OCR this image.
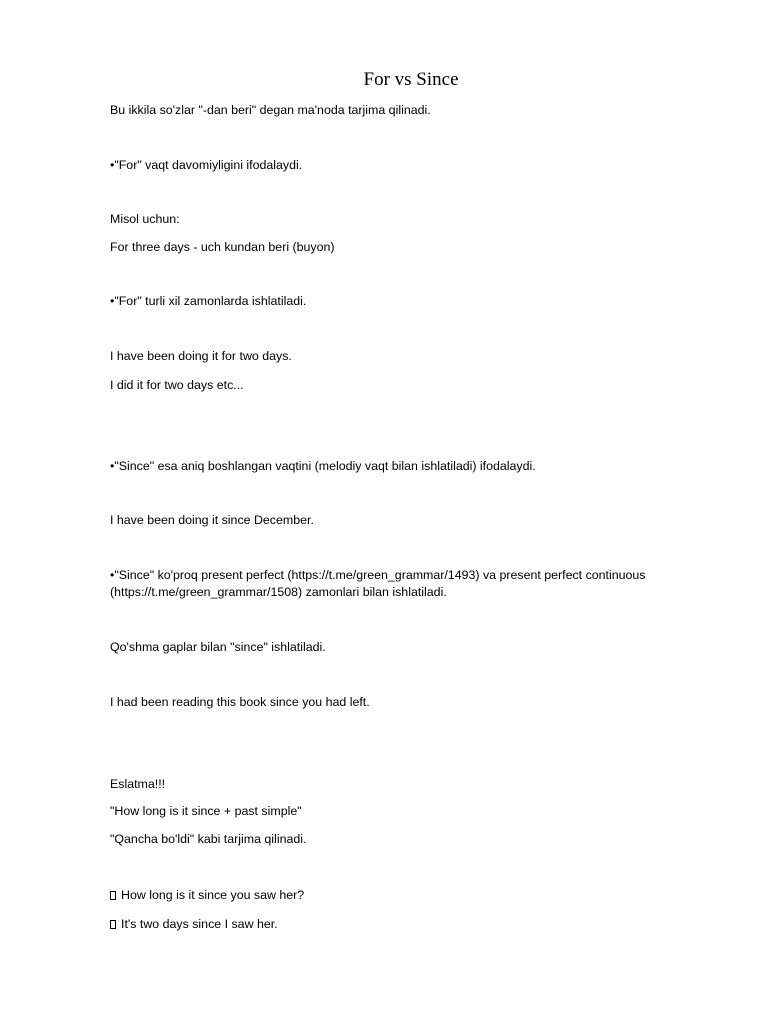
For vs Since
Bu ikkila so'zlar "-dan beri" degan ma'noda tarjima qilinadi.
•"For" vaqt davomiyligini ifodalaydi.
Misol uchun:
For three days - uch kundan beri (buyon)
•"For" turli xil zamonlarda ishlatiladi.
I have been doing it for two days.
I did it for two days etc...
•"Since" esa aniq boshlangan vaqtini (melodiy vaqt bilan ishlatiladi) ifodalaydi.
I have been doing it since December.
•"Since" ko'proq present perfect (https://t.me/green_grammar/1493) va present perfect continuous
(https://t.me/green_grammar/1508) zamonlari bilan ishlatiladi.
Qo'shma gaplar bilan "since" ishlatiladi.
I had been reading this book since you had left.
Eslatma!!!
"How long is it since + past simple"
"Qancha bo'ldi" kabi tarjima qilinadi.
How long is it since you saw her?
It's two days since I saw her.
